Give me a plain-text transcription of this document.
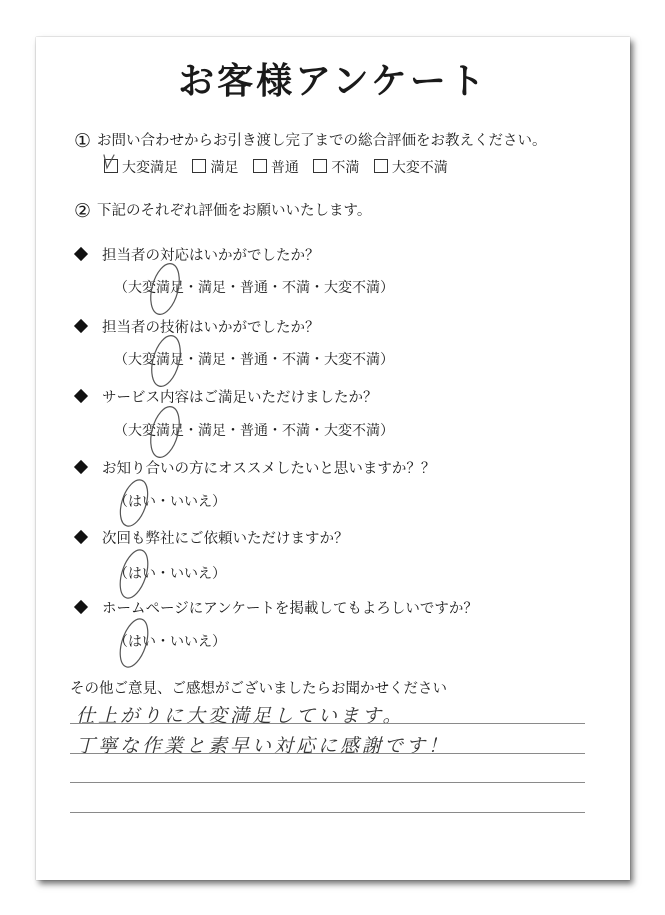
お客様アンケート
① お問い合わせからお引き渡し完了までの総合評価をお教えください。
大変満足 満足 普通 不満 大変不満
② 下記のそれぞれ評価をお願いいたします。
担当者の対応はいかがでしたか？
（大変満足・満足・普通・不満・大変不満）
担当者の技術はいかがでしたか？
（大変満足・満足・普通・不満・大変不満）
サービス内容はご満足いただけましたか？
（大変満足・満足・普通・不満・大変不満）
お知り合いの方にオススメしたいと思いますか？？
（はい・いいえ）
次回も弊社にご依頼いただけますか？
（はい・いいえ）
ホームページにアンケートを掲載してもよろしいですか？
（はい・いいえ）
その他ご意見、ご感想がございましたらお聞かせください
仕上がりに大変満足しています。
丁寧な作業と素早い対応に感謝です！
